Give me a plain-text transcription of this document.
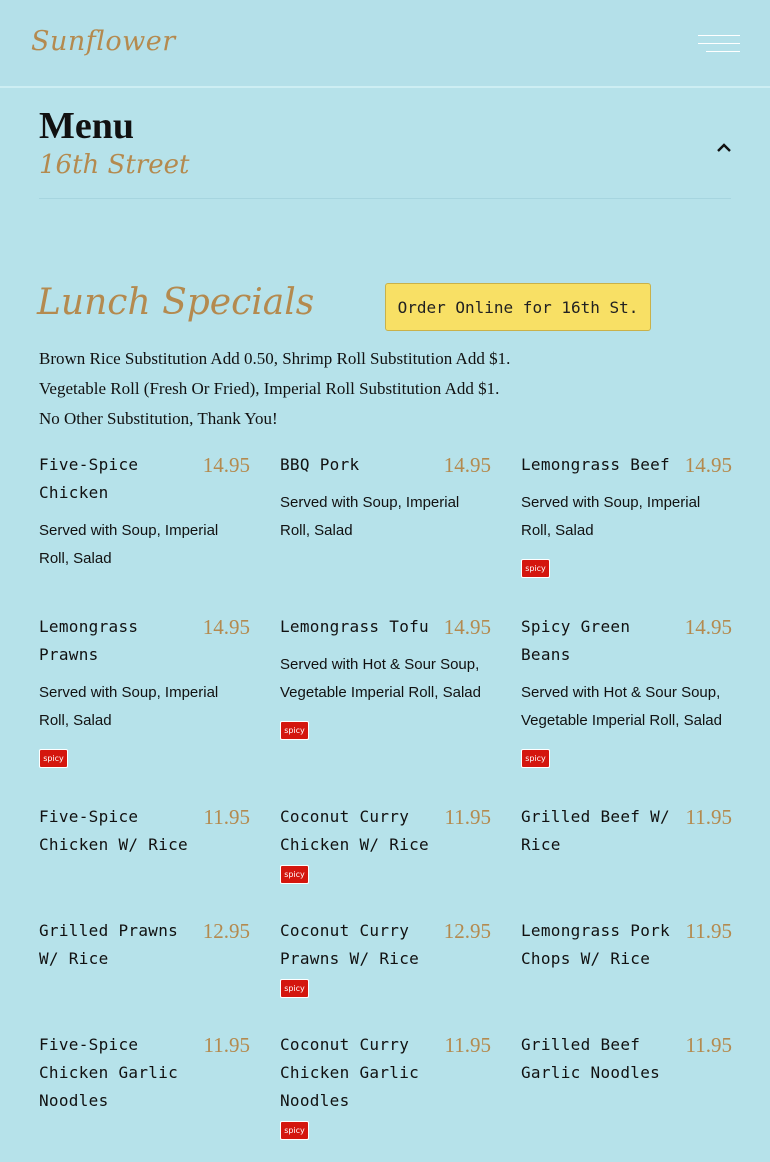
Sunflower
Menu
16th Street
Lunch Specials	Order Online for 16th St.

Brown Rice Substitution Add 0.50, Shrimp Roll Substitution Add $1.

Vegetable Roll (Fresh Or Fried), Imperial Roll Substitution Add $1.

No Other Substitution, Thank You!

Five-Spice Chicken
14.95
Served with Soup, Imperial Roll, Salad
BBQ Pork	14.95
Served with Soup, Imperial Roll, Salad
Lemongrass Beef 14.95
Served with Soup, Imperial Roll, Salad
spicy
Lemongrass Prawns
14.95
Served with Soup, Imperial Roll, Salad
spicy
Lemongrass Tofu 14.95
Served with Hot & Sour Soup, Vegetable Imperial Roll, Salad
spicy
Spicy Green Beans
14.95
Served with Hot & Sour Soup, Vegetable Imperial Roll, Salad
spicy
Five-Spice Chicken W/ Rice
11.95 Coconut Curry Chicken W/ Rice
11.95
spicy
Grilled Beef W/ Rice
11.95
Grilled Prawns W/ Rice
12.95 Coconut Curry Prawns W/ Rice
12.95
spicy
Lemongrass Pork Chops W/ Rice
11.95
Five-Spice Chicken Garlic Noodles
11.95 Coconut Curry Chicken Garlic Noodles
11.95
spicy
Grilled Beef Garlic Noodles
11.95
